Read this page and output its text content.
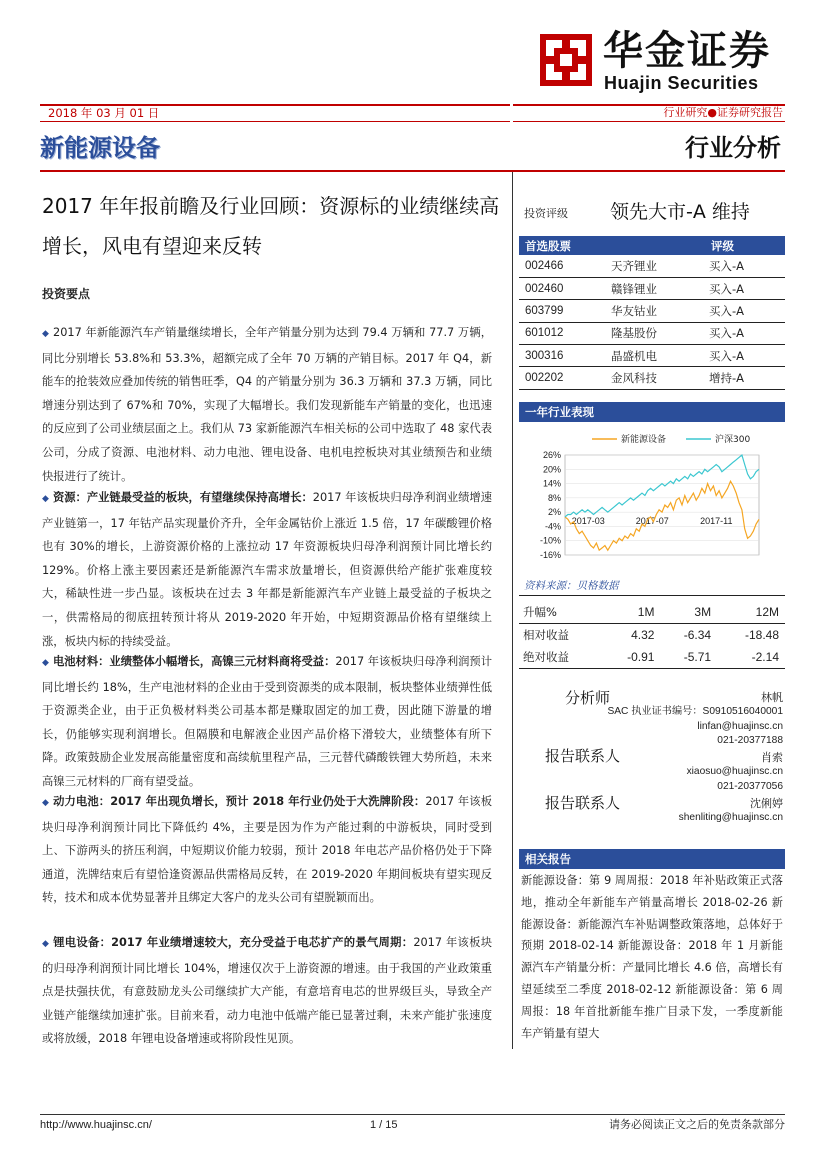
华金证券
Huajin Securities
2018 年 03 月 01 日	行业研究●证券研究报告
新能源设备	行业分析
2017 年年报前瞻及行业回顾：资源标的业绩继续高增长，风电有望迎来反转
投资要点
◆ 2017 年新能源汽车产销量继续增长，全年产销量分别为达到 79.4 万辆和 77.7 万辆，同比分别增长 53.8%和 53.3%，超额完成了全年 70 万辆的产销目标。2017 年 Q4，新能车的抢装效应叠加传统的销售旺季，Q4 的产销量分别为 36.3 万辆和 37.3 万辆，同比增速分别达到了 67%和 70%，实现了大幅增长。我们发现新能车产销量的变化，也迅速的反应到了公司业绩层面之上。我们从 73 家新能源汽车相关标的公司中选取了 48 家代表公司，分成了资源、电池材料、动力电池、锂电设备、电机电控板块对其业绩预告和业绩快报进行了统计。
◆ 资源：产业链最受益的板块，有望继续保持高增长：2017 年该板块归母净利润业绩增速产业链第一，17 年钴产品实现量价齐升，全年金属钴价上涨近 1.5 倍，17 年碳酸锂价格也有 30%的增长，上游资源价格的上涨拉动 17 年资源板块归母净利润预计同比增长约 129%。价格上涨主要因素还是新能源汽车需求放量增长，但资源供给产能扩张难度较大，稀缺性进一步凸显。该板块在过去 3 年都是新能源汽车产业链上最受益的子板块之一，供需格局的彻底扭转预计将从 2019-2020 年开始，中短期资源品价格有望继续上涨，板块内标的持续受益。
◆ 电池材料：业绩整体小幅增长，高镍三元材料商将受益：2017 年该板块归母净利润预计同比增长约 18%，生产电池材料的企业由于受到资源类的成本限制，板块整体业绩弹性低于资源类企业，由于正负极材料类公司基本都是赚取固定的加工费，因此随下游量的增长，仍能够实现利润增长。但隔膜和电解液企业因产品价格下滑较大，业绩整体有所下降。政策鼓励企业发展高能量密度和高续航里程产品，三元替代磷酸铁锂大势所趋，未来高镍三元材料的厂商有望受益。
◆ 动力电池：2017 年出现负增长，预计 2018 年行业仍处于大洗牌阶段：2017 年该板块归母净利润预计同比下降低约 4%，主要是因为作为产能过剩的中游板块，同时受到上、下游两头的挤压利润，中短期议价能力较弱，预计 2018 年电芯产品价格仍处于下降通道，洗牌结束后有望恰逢资源品供需格局反转，在 2019-2020 年期间板块有望实现反转，技术和成本优势显著并且绑定大客户的龙头公司有望脱颖而出。
◆ 锂电设备：2017 年业绩增速较大，充分受益于电芯扩产的景气周期：2017 年该板块的归母净利润预计同比增长 104%，增速仅次于上游资源的增速。由于我国的产业政策重点是扶强扶优，有意鼓励龙头公司继续扩大产能，有意培育电芯的世界级巨头，导致全产业链产能继续加速扩张。目前来看，动力电池中低端产能已显著过剩，未来产能扩张速度或将放缓，2018 年锂电设备增速或将阶段性见顶。
投资评级 领先大市-A 维持
首选股票		评级
002466	天齐锂业	买入-A
002460	赣锋锂业	买入-A
603799	华友钴业	买入-A
601012	隆基股份	买入-A
300316	晶盛机电	买入-A
002202	金风科技	增持-A
一年行业表现
26%
20%
14%
8%
2%
-4%
-10%
-16%
2017-03	2017-07	2017-11
新能源设备	沪深300
资料来源：贝格数据
升幅%	1M	3M	12M
相对收益	4.32	-6.34	-18.48
绝对收益	-0.91	-5.71	-2.14
分析师	林帆
SAC 执业证书编号：S0910516040001
linfan@huajinsc.cn
021-20377188
报告联系人	肖索
xiaosuo@huajinsc.cn
021-20377056
报告联系人	沈俐婷
shenliting@huajinsc.cn
相关报告
新能源设备：第 9 周周报：2018 年补贴政策正式落地，推动全年新能车产销量高增长 2018-02-26 新能源设备：新能源汽车补贴调整政策落地，总体好于预期 2018-02-14 新能源设备：2018 年 1 月新能源汽车产销量分析：产量同比增长 4.6 倍，高增长有望延续至二季度 2018-02-12 新能源设备：第 6 周周报：18 年首批新能车推广目录下发，一季度新能车产销量有望大
http://www.huajinsc.cn/	1 / 15	请务必阅读正文之后的免责条款部分
